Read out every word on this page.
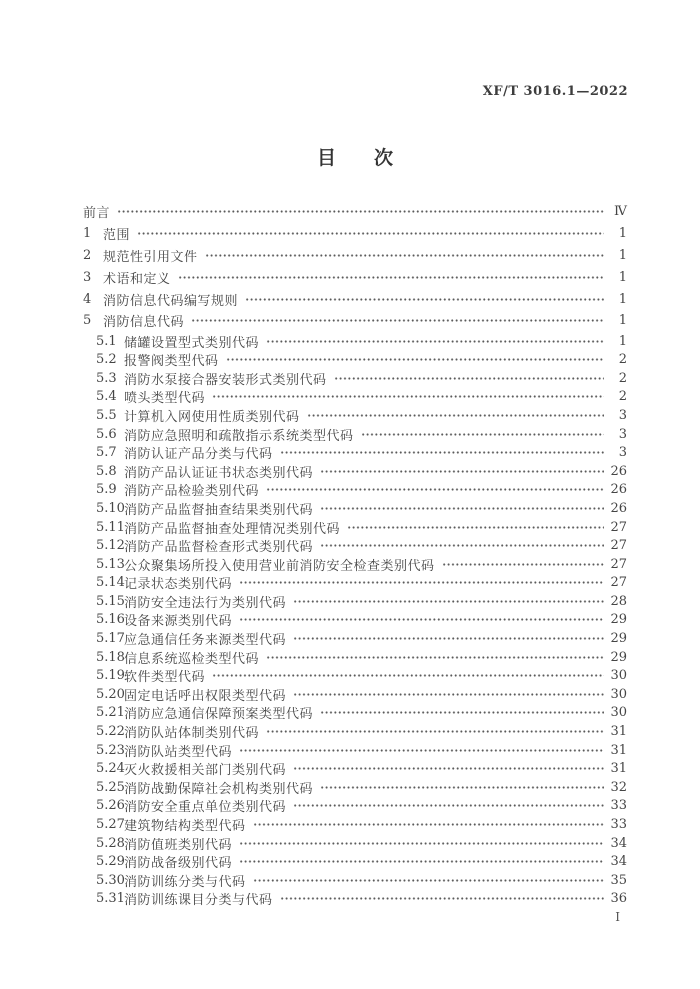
XF/T 3016.1—2022
目　　次
前言	Ⅳ
1 范围	1
2 规范性引用文件	1
3 术语和定义	1
4 消防信息代码编写规则	1
5 消防信息代码	1
5.1 储罐设置型式类别代码	1
5.2 报警阀类型代码	2
5.3 消防水泵接合器安装形式类别代码	2
5.4 喷头类型代码	2
5.5 计算机入网使用性质类别代码	3
5.6 消防应急照明和疏散指示系统类型代码	3
5.7 消防认证产品分类与代码	3
5.8 消防产品认证证书状态类别代码	26
5.9 消防产品检验类别代码	26
5.10 消防产品监督抽查结果类别代码	26
5.11 消防产品监督抽查处理情况类别代码	27
5.12 消防产品监督检查形式类别代码	27
5.13 公众聚集场所投入使用营业前消防安全检查类别代码	27
5.14 记录状态类别代码	27
5.15 消防安全违法行为类别代码	28
5.16 设备来源类别代码	29
5.17 应急通信任务来源类型代码	29
5.18 信息系统巡检类型代码	29
5.19 软件类型代码	30
5.20 固定电话呼出权限类型代码	30
5.21 消防应急通信保障预案类型代码	30
5.22 消防队站体制类别代码	31
5.23 消防队站类型代码	31
5.24 灭火救援相关部门类别代码	31
5.25 消防战勤保障社会机构类别代码	32
5.26 消防安全重点单位类别代码	33
5.27 建筑物结构类型代码	33
5.28 消防值班类别代码	34
5.29 消防战备级别代码	34
5.30 消防训练分类与代码	35
5.31 消防训练课目分类与代码	36
Ⅰ
